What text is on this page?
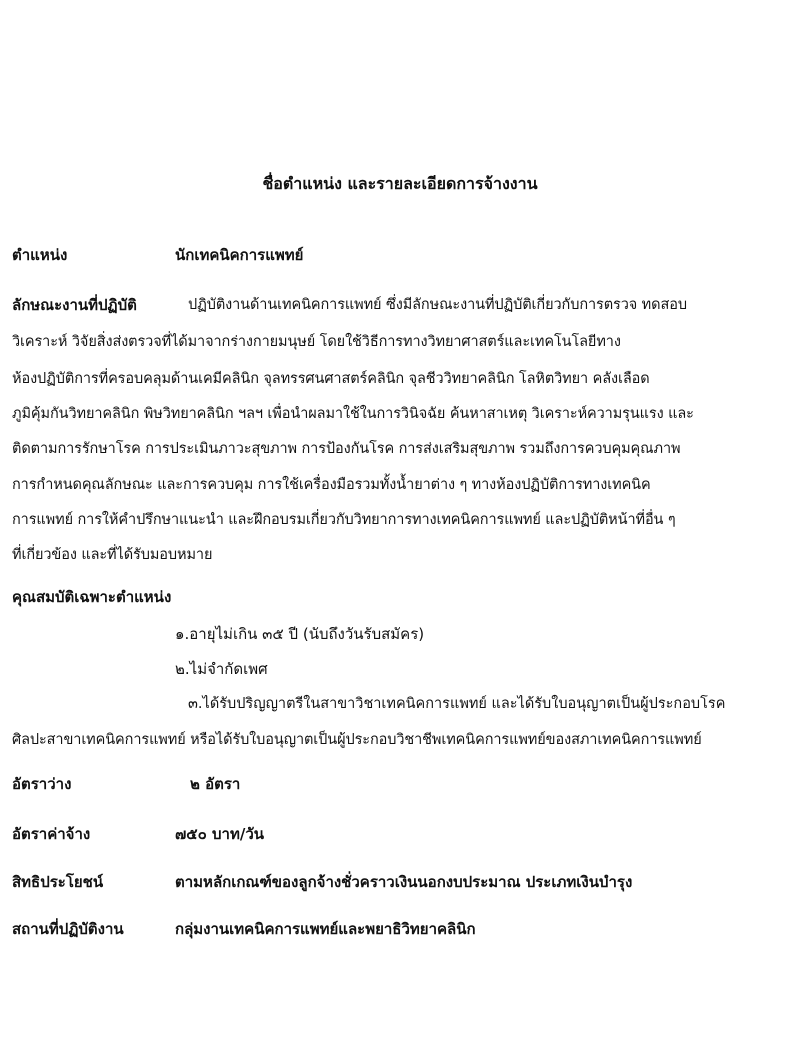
ชื่อตำแหน่ง และรายละเอียดการจ้างงาน
ตำแหน่ง	นักเทคนิคการแพทย์
ลักษณะงานที่ปฏิบัติ	ปฏิบัติงานด้านเทคนิคการแพทย์ ซึ่งมีลักษณะงานที่ปฏิบัติเกี่ยวกับการตรวจ ทดสอบ
วิเคราะห์ วิจัยสิ่งส่งตรวจที่ได้มาจากร่างกายมนุษย์ โดยใช้วิธีการทางวิทยาศาสตร์และเทคโนโลยีทาง
ห้องปฏิบัติการที่ครอบคลุมด้านเคมีคลินิก จุลทรรศนศาสตร์คลินิก จุลชีววิทยาคลินิก โลหิตวิทยา คลังเลือด
ภูมิคุ้มกันวิทยาคลินิก พิษวิทยาคลินิก ฯลฯ เพื่อนำผลมาใช้ในการวินิจฉัย ค้นหาสาเหตุ วิเคราะห์ความรุนแรง และ
ติดตามการรักษาโรค การประเมินภาวะสุขภาพ การป้องกันโรค การส่งเสริมสุขภาพ รวมถึงการควบคุมคุณภาพ
การกำหนดคุณลักษณะ และการควบคุม การใช้เครื่องมือรวมทั้งน้ำยาต่าง ๆ ทางห้องปฏิบัติการทางเทคนิค
การแพทย์ การให้คำปรึกษาแนะนำ และฝึกอบรมเกี่ยวกับวิทยาการทางเทคนิคการแพทย์ และปฏิบัติหน้าที่อื่น ๆ
ที่เกี่ยวข้อง และที่ได้รับมอบหมาย
คุณสมบัติเฉพาะตำแหน่ง
๑.อายุไม่เกิน ๓๕ ปี (นับถึงวันรับสมัคร)
๒.ไม่จำกัดเพศ
๓.ได้รับปริญญาตรีในสาขาวิชาเทคนิคการแพทย์ และได้รับใบอนุญาตเป็นผู้ประกอบโรค
ศิลปะสาขาเทคนิคการแพทย์ หรือได้รับใบอนุญาตเป็นผู้ประกอบวิชาชีพเทคนิคการแพทย์ของสภาเทคนิคการแพทย์
อัตราว่าง	๒ อัตรา
อัตราค่าจ้าง	๗๕๐ บาท/วัน
สิทธิประโยชน์	ตามหลักเกณฑ์ของลูกจ้างชั่วคราวเงินนอกงบประมาณ ประเภทเงินบำรุง
สถานที่ปฏิบัติงาน	กลุ่มงานเทคนิคการแพทย์และพยาธิวิทยาคลินิก
